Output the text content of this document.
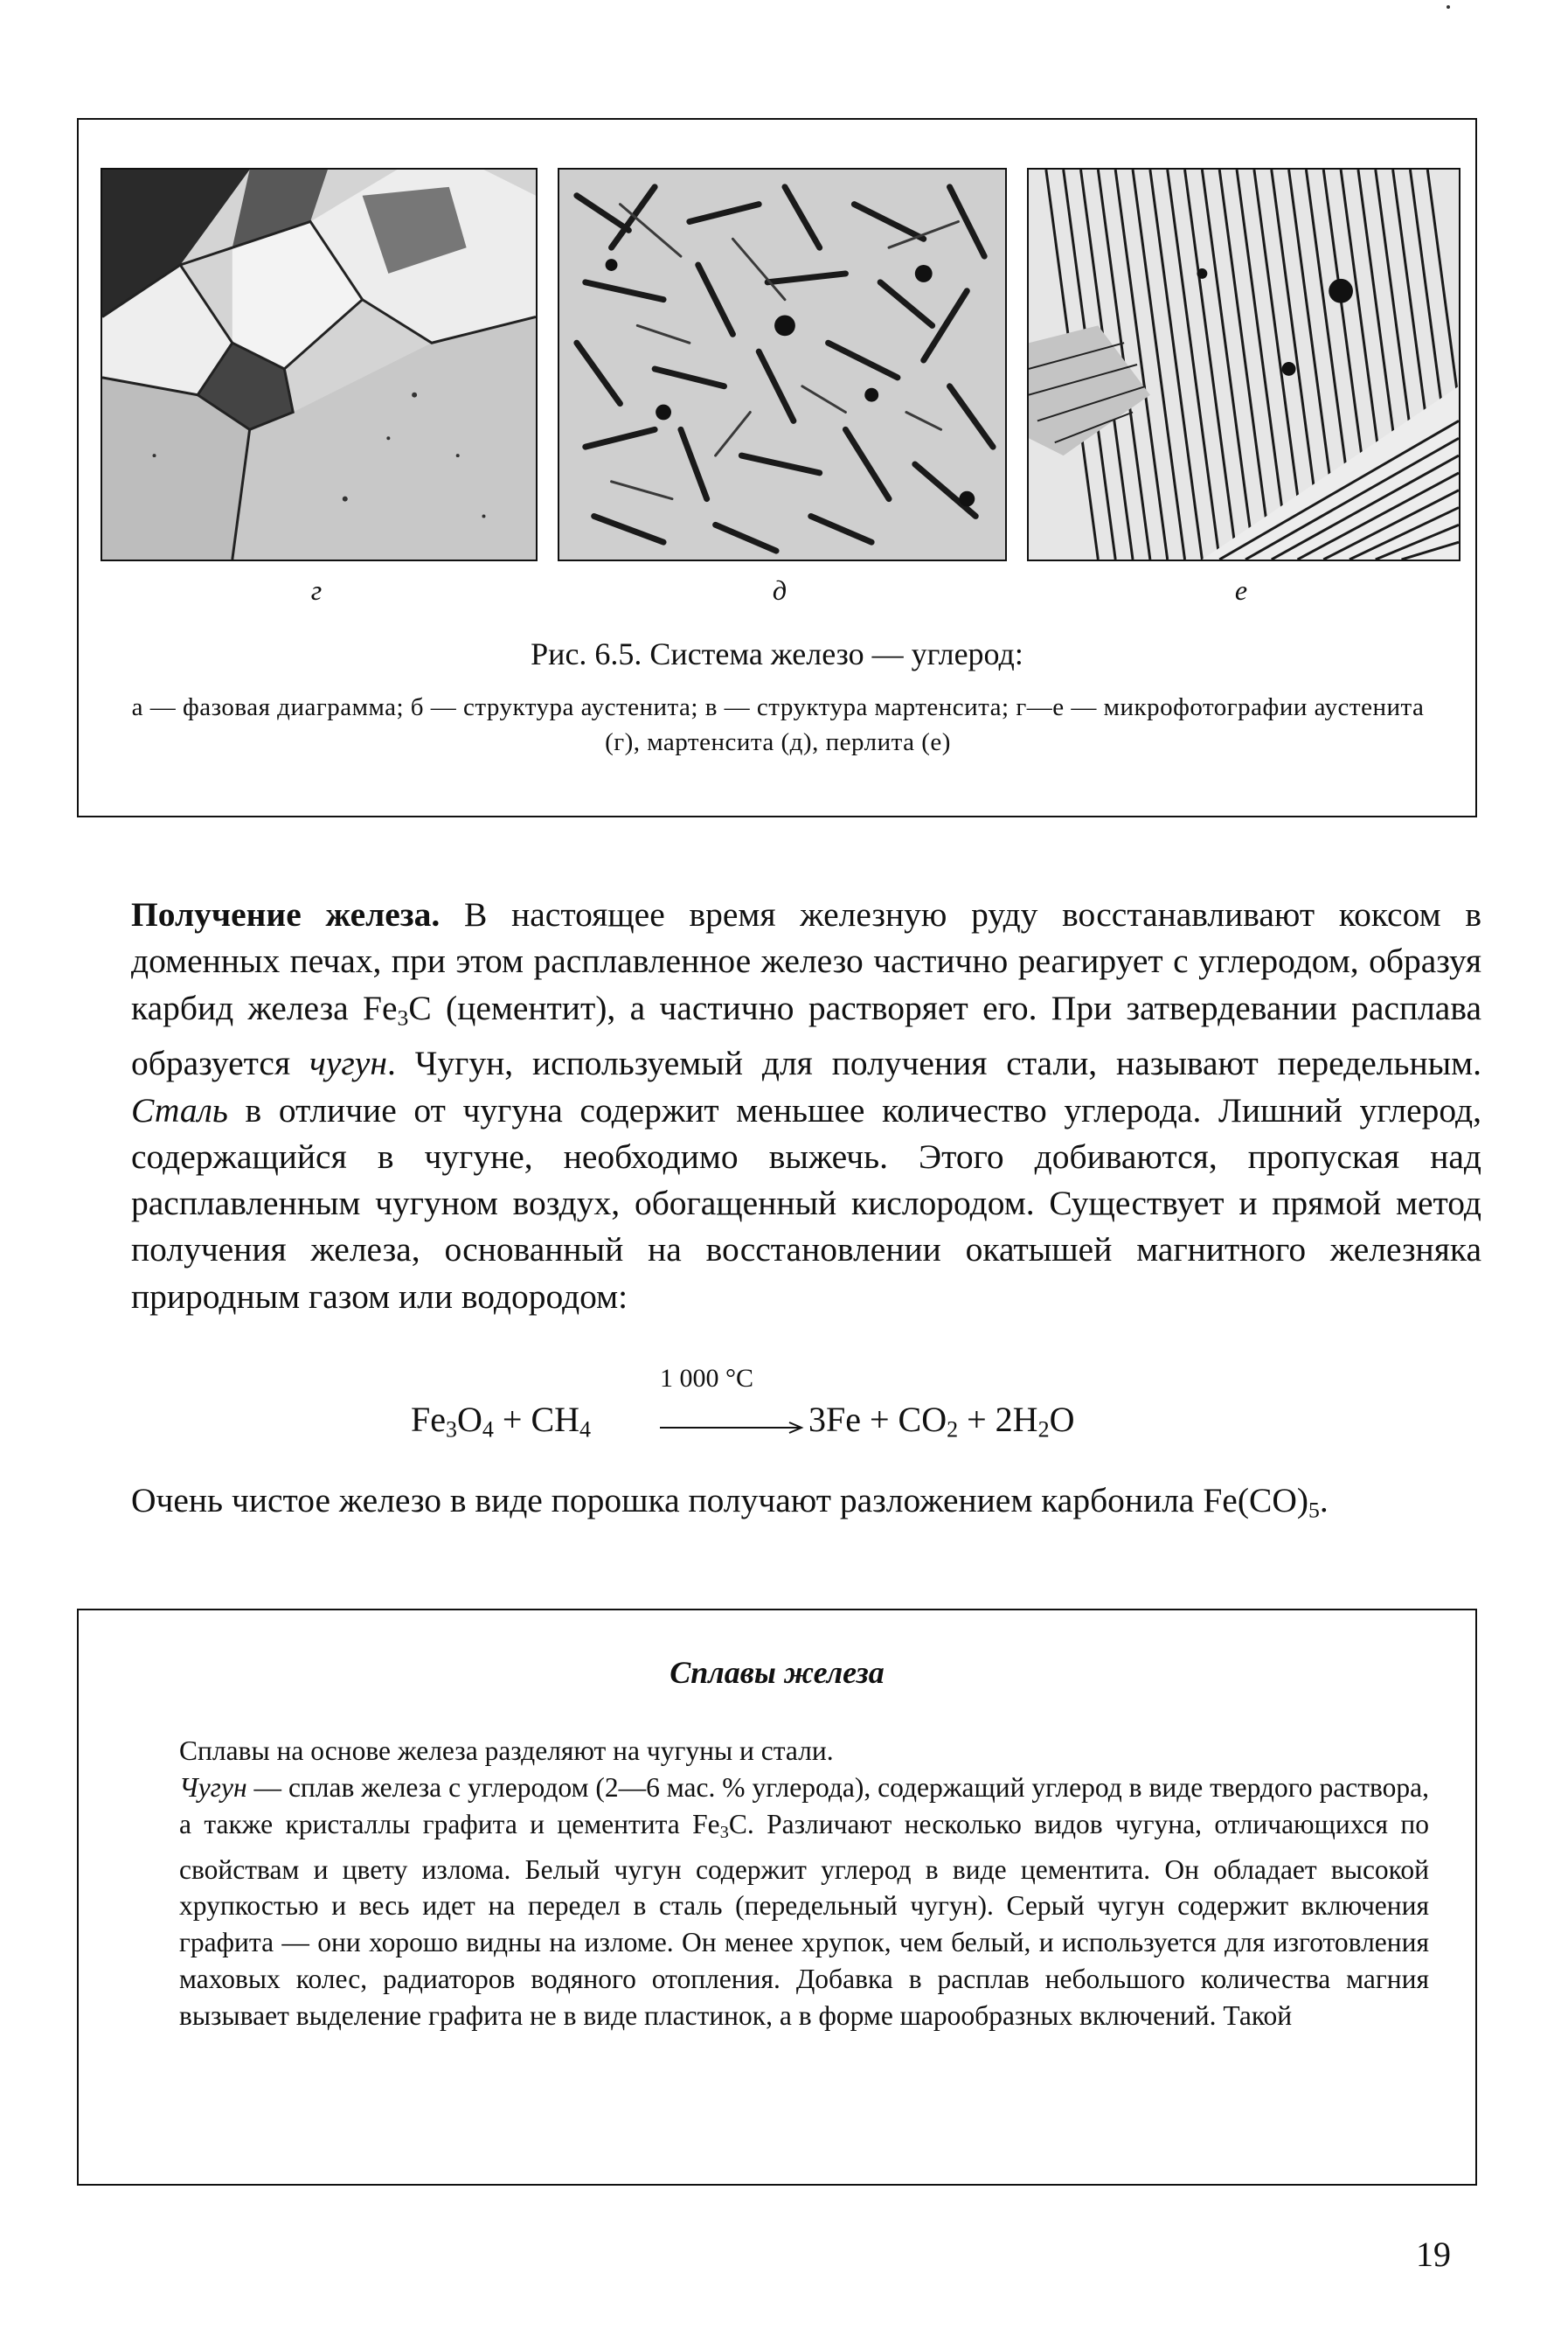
г	д	е
Рис. 6.5. Система железо — углерод:
а — фазовая диаграмма; б — структура аустенита; в — структура мартенсита; г—е — микрофотографии аустенита (г), мартенсита (д), перлита (е)

Получение железа. В настоящее время железную руду восстанавливают коксом в доменных печах, при этом расплавленное железо частично реагирует с углеродом, образуя карбид железа $Fe_3C$ (цементит), а частично растворяет его. При затвердевании расплава образуется чугун. Чугун, используемый для получения стали, называют передельным. Сталь в отличие от чугуна содержит меньшее количество углерода. Лишний углерод, содержащийся в чугуне, необходимо выжечь. Этого добиваются, пропуская над расплавленным чугуном воздух, обогащенный кислородом. Существует и прямой метод получения железа, основанный на восстановлении окатышей магнитного железняка природным газом или водородом:

$Fe_3O_4 + CH_4$
1 000 °C
$3Fe + CO_2 + 2H_2O$

Очень чистое железо в виде порошка получают разложением карбонила $Fe(CO)_5$.

Сплавы железа

Сплавы на основе железа разделяют на чугуны и стали.

Чугун — сплав железа с углеродом (2—6 мас. % углерода), содержащий углерод в виде твердого раствора, а также кристаллы графита и цементита $Fe_3C$. Различают несколько видов чугуна, отличающихся по свойствам и цвету излома. Белый чугун содержит углерод в виде цементита. Он обладает высокой хрупкостью и весь идет на передел в сталь (передельный чугун). Серый чугун содержит включения графита — они хорошо видны на изломе. Он менее хрупок, чем белый, и используется для изготовления маховых колес, радиаторов водяного отопления. Добавка в расплав небольшого количества магния вызывает выделение графита не в виде пластинок, а в форме шарообразных включений. Такой

19
